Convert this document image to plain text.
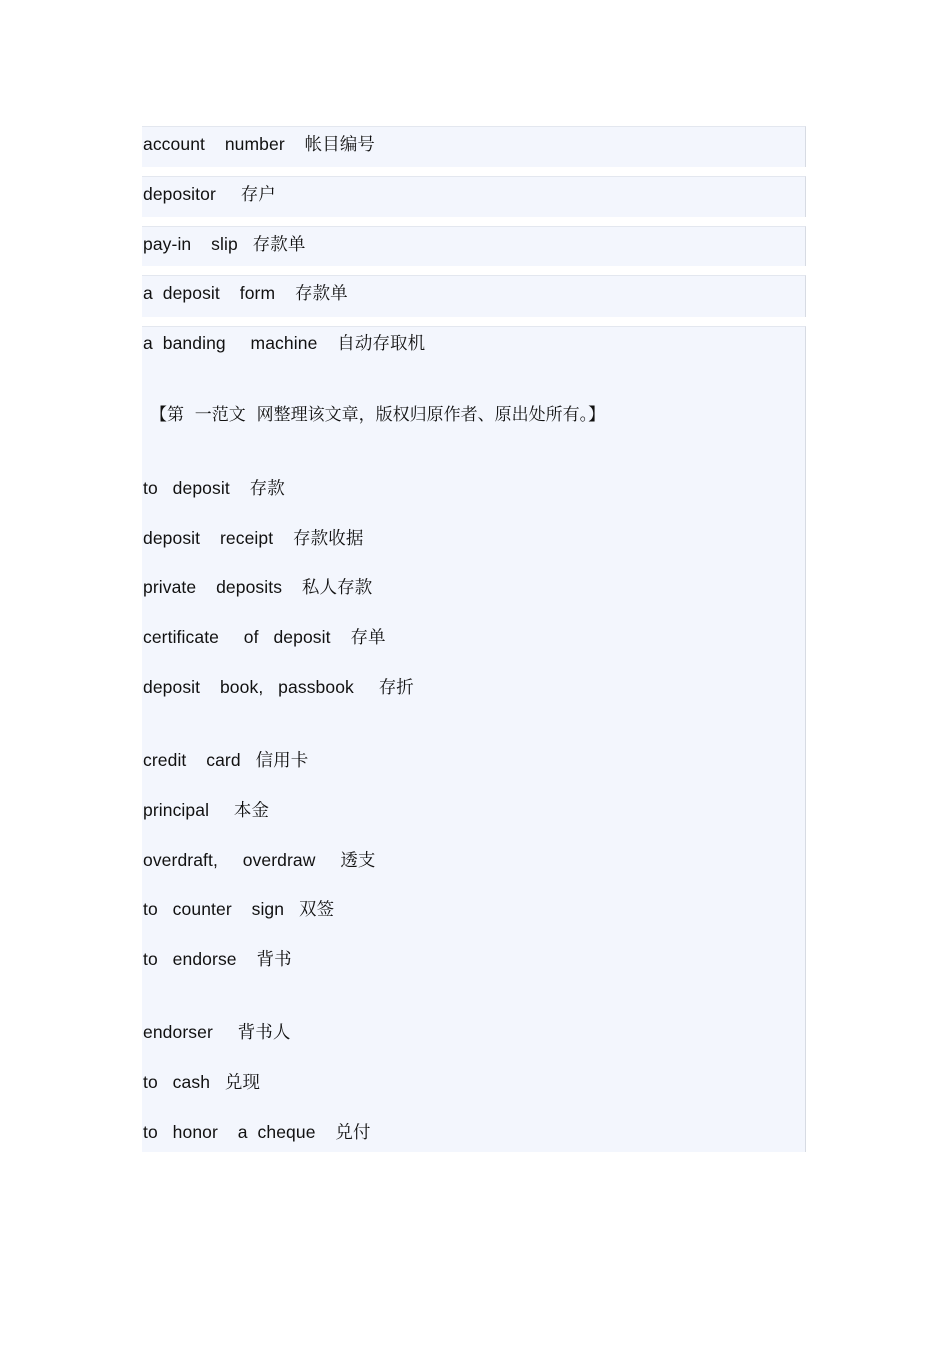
account    number    帐目编号
depositor     存户
pay-in    slip   存款单
a  deposit    form    存款单
a  banding     machine    自动存取机
【第  一范文  网整理该文章，版权归原作者、原出处所有。】
to   deposit    存款
deposit    receipt    存款收据
private    deposits    私人存款
certificate     of   deposit    存单
deposit    book,   passbook     存折
credit    card   信用卡
principal     本金
overdraft,     overdraw     透支
to   counter    sign   双签
to   endorse    背书
endorser     背书人
to   cash   兑现
to   honor    a  cheque    兑付
